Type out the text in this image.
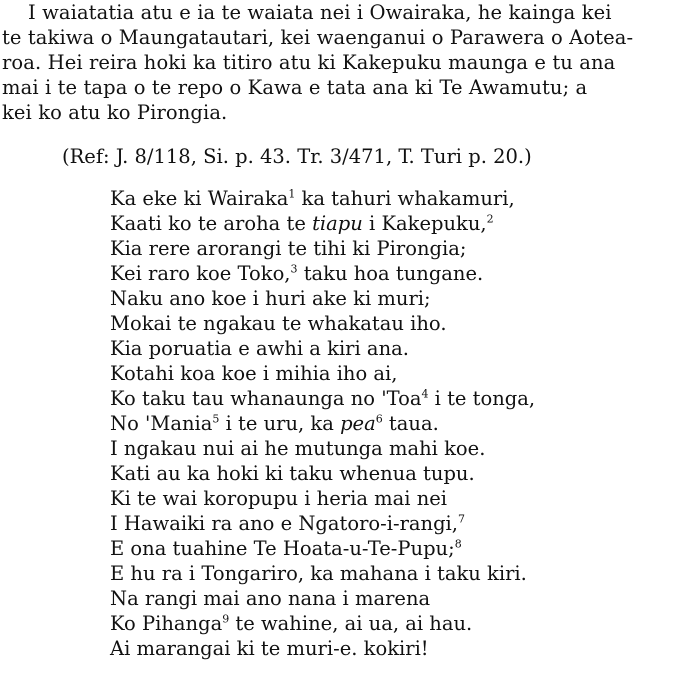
I waiatatia atu e ia te waiata nei i Owairaka, he kainga kei
te takiwa o Maungatautari, kei waenganui o Parawera o Aotea-
roa. Hei reira hoki ka titiro atu ki Kakepuku maunga e tu ana
mai i te tapa o te repo o Kawa e tata ana ki Te Awamutu; a
kei ko atu ko Pirongia.
(Ref: J. 8/118, Si. p. 43. Tr. 3/471, T. Turi p. 20.)
Ka eke ki Wairaka$^1$ ka tahuri whakamuri,
Kaati ko te aroha te tiapu i Kakepuku,$^2$
Kia rere arorangi te tihi ki Pirongia;
Kei raro koe Toko,$^3$ taku hoa tungane.
Naku ano koe i huri ake ki muri;
Mokai te ngakau te whakatau iho.
Kia poruatia e awhi a kiri ana.
Kotahi koa koe i mihia iho ai,
Ko taku tau whanaunga no 'Toa$^4$ i te tonga,
No 'Mania$^5$ i te uru, ka pea$^6$ taua.
I ngakau nui ai he mutunga mahi koe.
Kati au ka hoki ki taku whenua tupu.
Ki te wai koropupu i heria mai nei
I Hawaiki ra ano e Ngatoro-i-rangi,$^7$
E ona tuahine Te Hoata-u-Te-Pupu;$^8$
E hu ra i Tongariro, ka mahana i taku kiri.
Na rangi mai ano nana i marena
Ko Pihanga$^9$ te wahine, ai ua, ai hau.
Ai marangai ki te muri-e. kokiri!
